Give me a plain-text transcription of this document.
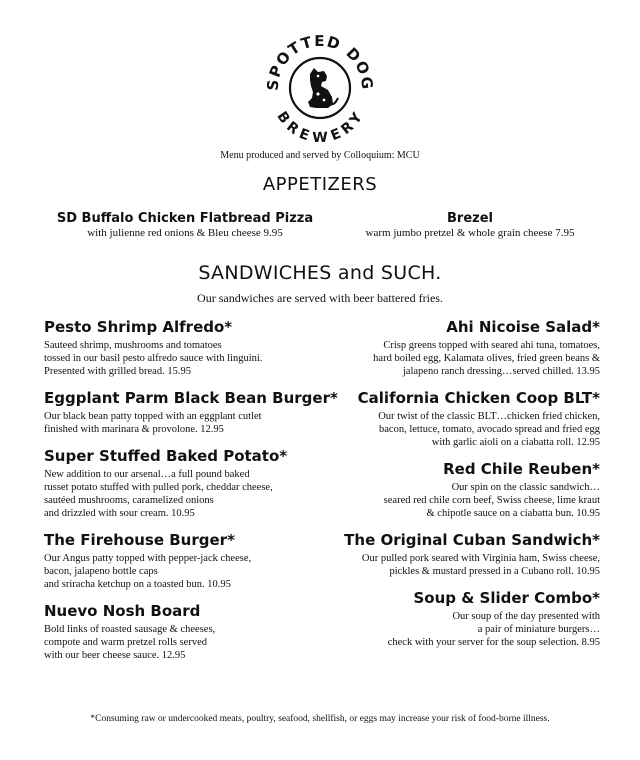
POTTED DO
BREWERY
Menu produced and served by Colloquium: MCU
APPETIZERS
SD Buffalo Chicken Flatbread Pizza
with julienne red onions & Bleu cheese 9.95
Brezel
warm jumbo pretzel & whole grain cheese 7.95
SANDWICHES and SUCH.
Our sandwiches are served with beer battered fries.
Pesto Shrimp Alfredo*
Sauteed shrimp, mushrooms and tomatoes
tossed in our basil pesto alfredo sauce with linguini.
Presented with grilled bread. 15.95
Eggplant Parm Black Bean Burger*
Our black bean patty topped with an eggplant cutlet
finished with marinara & provolone. 12.95
Super Stuffed Baked Potato*
New addition to our arsenal…a full pound baked
russet potato stuffed with pulled pork, cheddar cheese,
sautéed mushrooms, caramelized onions
and drizzled with sour cream. 10.95
The Firehouse Burger*
Our Angus patty topped with pepper-jack cheese,
bacon, jalapeno bottle caps
and sriracha ketchup on a toasted bun. 10.95
Nuevo Nosh Board
Bold links of roasted sausage & cheeses,
compote and warm pretzel rolls served
with our beer cheese sauce. 12.95
Ahi Nicoise Salad*
Crisp greens topped with seared ahi tuna, tomatoes,
hard boiled egg, Kalamata olives, fried green beans &
jalapeno ranch dressing…served chilled. 13.95
California Chicken Coop BLT*
Our twist of the classic BLT…chicken fried chicken,
bacon, lettuce, tomato, avocado spread and fried egg
with garlic aioli on a ciabatta roll. 12.95
Red Chile Reuben*
Our spin on the classic sandwich…
seared red chile corn beef, Swiss cheese, lime kraut
& chipotle sauce on a ciabatta bun. 10.95
The Original Cuban Sandwich*
Our pulled pork seared with Virginia ham, Swiss cheese,
pickles & mustard pressed in a Cubano roll. 10.95
Soup & Slider Combo*
Our soup of the day presented with
a pair of miniature burgers…
check with your server for the soup selection. 8.95
*Consuming raw or undercooked meats, poultry, seafood, shellfish, or eggs may increase your risk of food-borne illness.
